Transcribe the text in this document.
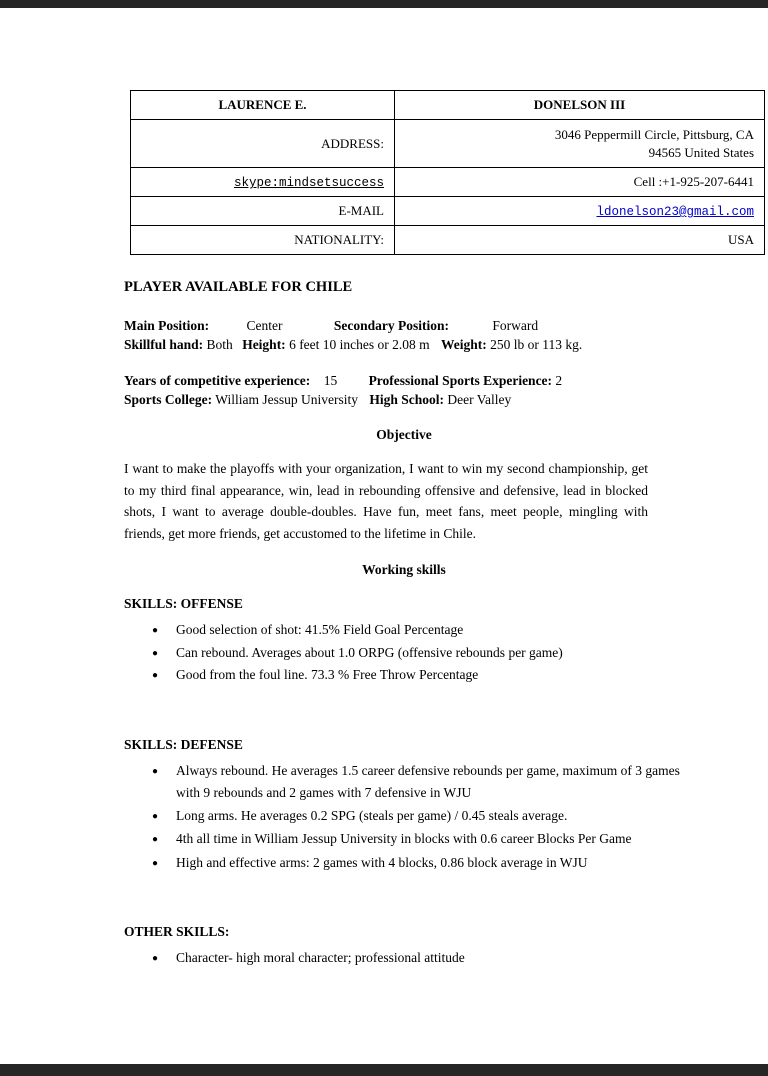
LAURENCE E.	DONELSON III
ADDRESS:	3046 Peppermill Circle, Pittsburg, CA
94565 United States

skype:mindsetsuccess	Cell :+1-925-207-6441
E-MAIL	ldonelson23@gmail.com
NATIONALITY:	USA

PLAYER AVAILABLE FOR CHILE

Main Position:	Center	Secondary Position:	Forward

Skillful hand: Both Height: 6 feet 10 inches or 2.08 m Weight: 250 lb or 113 kg.

Years of competitive experience: 15 Professional Sports Experience: 2

Sports College: William Jessup University High School: Deer Valley

Objective

I want to make the playoffs with your organization, I want to win my second championship, get to my third final appearance, win, lead in rebounding offensive and defensive, lead in blocked shots, I want to average double-doubles. Have fun, meet fans, meet people, mingling with friends, get more friends, get accustomed to the lifetime in Chile.

Working skills

SKILLS: OFFENSE

●	Good selection of shot: 41.5% Field Goal Percentage
●	Can rebound. Averages about 1.0 ORPG (offensive rebounds per game)
●	Good from the foul line. 73.3 % Free Throw Percentage

SKILLS: DEFENSE

●	Always rebound. He averages 1.5 career defensive rebounds per game, maximum of 3 games with 9 rebounds and 2 games with 7 defensive in WJU
●	Long arms. He averages 0.2 SPG (steals per game) / 0.45 steals average.
●	4th all time in William Jessup University in blocks with 0.6 career Blocks Per Game
●	High and effective arms: 2 games with 4 blocks, 0.86 block average in WJU

OTHER SKILLS:

●	Character- high moral character; professional attitude
